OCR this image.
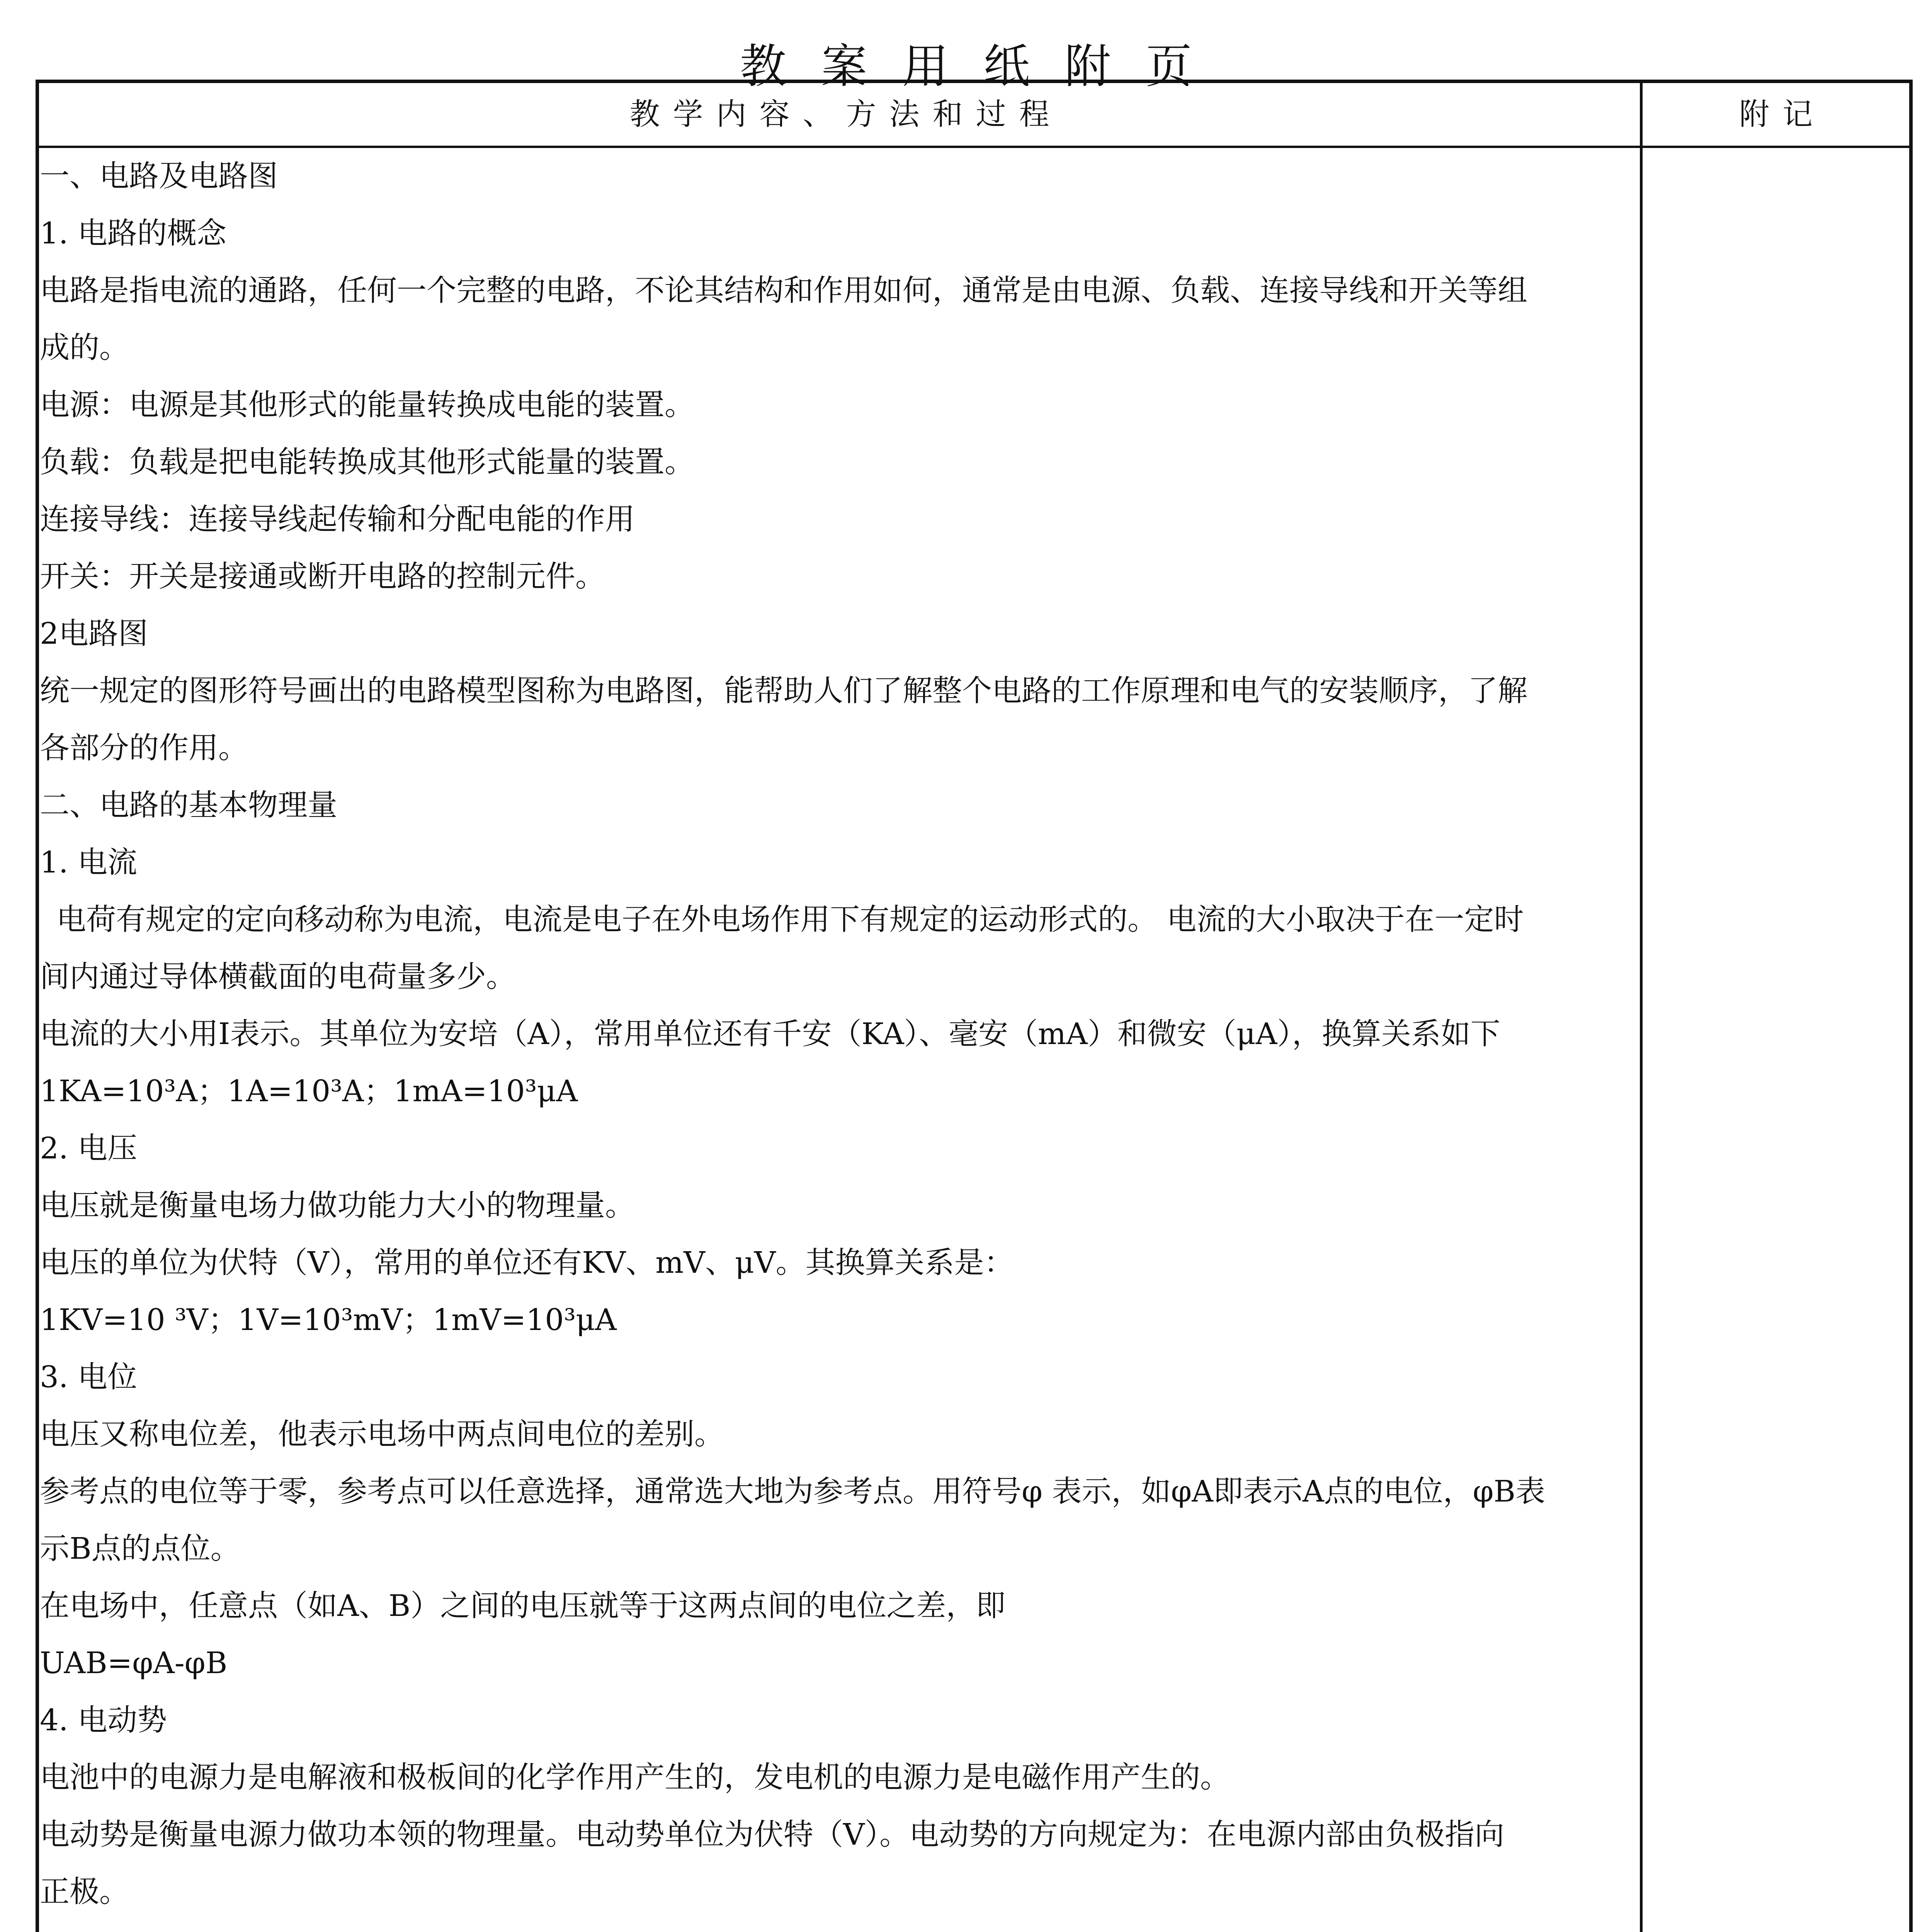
教案用纸附页
教学内容、方法和过程	附记
一、电路及电路图
1. 电路的概念
电路是指电流的通路，任何一个完整的电路，不论其结构和作用如何，通常是由电源、负载、连接导线和开关等组
成的。
电源：电源是其他形式的能量转换成电能的装置。
负载：负载是把电能转换成其他形式能量的装置。
连接导线：连接导线起传输和分配电能的作用
开关：开关是接通或断开电路的控制元件。
2电路图
统一规定的图形符号画出的电路模型图称为电路图，能帮助人们了解整个电路的工作原理和电气的安装顺序，了解
各部分的作用。
二、电路的基本物理量
1. 电流
电荷有规定的定向移动称为电流，电流是电子在外电场作用下有规定的运动形式的。 电流的大小取决于在一定时
间内通过导体横截面的电荷量多少。
电流的大小用I表示。其单位为安培（A），常用单位还有千安（KA）、毫安（mA）和微安（μA），换算关系如下
1KA=10³A；1A=10³A；1mA=10³μA
2. 电压
电压就是衡量电场力做功能力大小的物理量。
电压的单位为伏特（V），常用的单位还有KV、mV、μV。其换算关系是：
1KV=10 ³V；1V=10³mV；1mV=10³μA
3. 电位
电压又称电位差，他表示电场中两点间电位的差别。
参考点的电位等于零，参考点可以任意选择，通常选大地为参考点。用符号φ 表示，如φA即表示A点的电位，φB表
示B点的点位。
在电场中，任意点（如A、B）之间的电压就等于这两点间的电位之差，即
UAB=φA-φB
4. 电动势
电池中的电源力是电解液和极板间的化学作用产生的，发电机的电源力是电磁作用产生的。
电动势是衡量电源力做功本领的物理量。电动势单位为伏特（V）。电动势的方向规定为：在电源内部由负极指向
正极。
